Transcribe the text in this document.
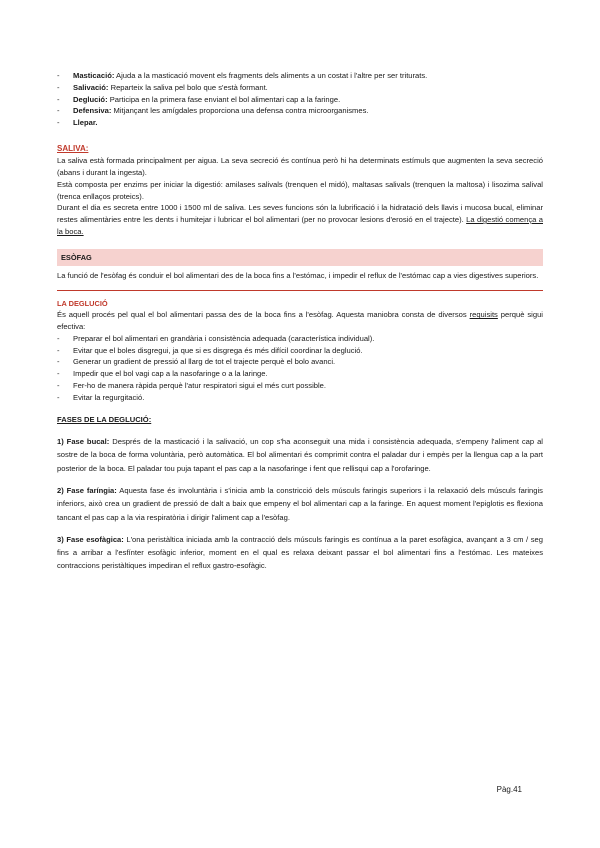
- Masticació: Ajuda a la masticació movent els fragments dels aliments a un costat i l'altre per ser triturats.
- Salivació: Reparteix la saliva pel bolo que s'està formant.
- Deglució: Participa en la primera fase enviant el bol alimentari cap a la faringe.
- Defensiva: Mitjançant les amígdales proporciona una defensa contra microorganismes.
- Llepar.
SALIVA:

La saliva està formada principalment per aigua. La seva secreció és contínua però hi ha determinats estímuls que augmenten la seva secreció (abans i durant la ingesta).

Està composta per enzims per iniciar la digestió: amilases salivals (trenquen el midó), maltasas salivals (trenquen la maltosa) i lisozima salival (trenca enllaços proteics).

Durant el dia es secreta entre 1000 i 1500 ml de saliva. Les seves funcions són la lubrificació i la hidratació dels llavis i mucosa bucal, eliminar restes alimentàries entre les dents i humitejar i lubricar el bol alimentari (per no provocar lesions d'erosió en el trajecte). La digestió comença a la boca.

ESÒFAG

La funció de l'esòfag és conduir el bol alimentari des de la boca fins a l'estómac, i impedir el reflux de l'estómac cap a vies digestives superiors.

LA DEGLUCIÓ

És aquell procés pel qual el bol alimentari passa des de la boca fins a l'esòfag. Aquesta maniobra consta de diversos requisits perquè sigui efectiva:

- Preparar el bol alimentari en grandària i consistència adequada (característica individual).
- Evitar que el boles disgregui, ja que si es disgrega és més difícil coordinar la deglució.
- Generar un gradient de pressió al llarg de tot el trajecte perquè el bolo avanci.
- Impedir que el bol vagi cap a la nasofaringe o a la laringe.
- Fer-ho de manera ràpida perquè l'atur respiratori sigui el més curt possible.
- Evitar la regurgitació.
FASES DE LA DEGLUCIÓ:

1) Fase bucal: Després de la masticació i la salivació, un cop s'ha aconseguit una mida i consistència adequada, s'empeny l'aliment cap al sostre de la boca de forma voluntària, però automàtica. El bol alimentari és comprimit contra el paladar dur i empès per la llengua cap a la part posterior de la boca. El paladar tou puja tapant el pas cap a la nasofaringe i fent que rellisqui cap a l'orofaringe.

2) Fase faríngia: Aquesta fase és involuntària i s'inicia amb la constricció dels músculs faringis superiors i la relaxació dels músculs faringis inferiors, això crea un gradient de pressió de dalt a baix que empeny el bol alimentari cap a la faringe. En aquest moment l'epiglotis es flexiona tancant el pas cap a la via respiratòria i dirigir l'aliment cap a l'esòfag.

3) Fase esofàgica: L'ona peristàltica iniciada amb la contracció dels músculs faringis es contínua a la paret esofàgica, avançant a 3 cm / seg fins a arribar a l'esfínter esofàgic inferior, moment en el qual es relaxa deixant passar el bol alimentari fins a l'estómac. Les mateixes contraccions peristàltiques impediran el reflux gastro-esofàgic.

Pàg.41
